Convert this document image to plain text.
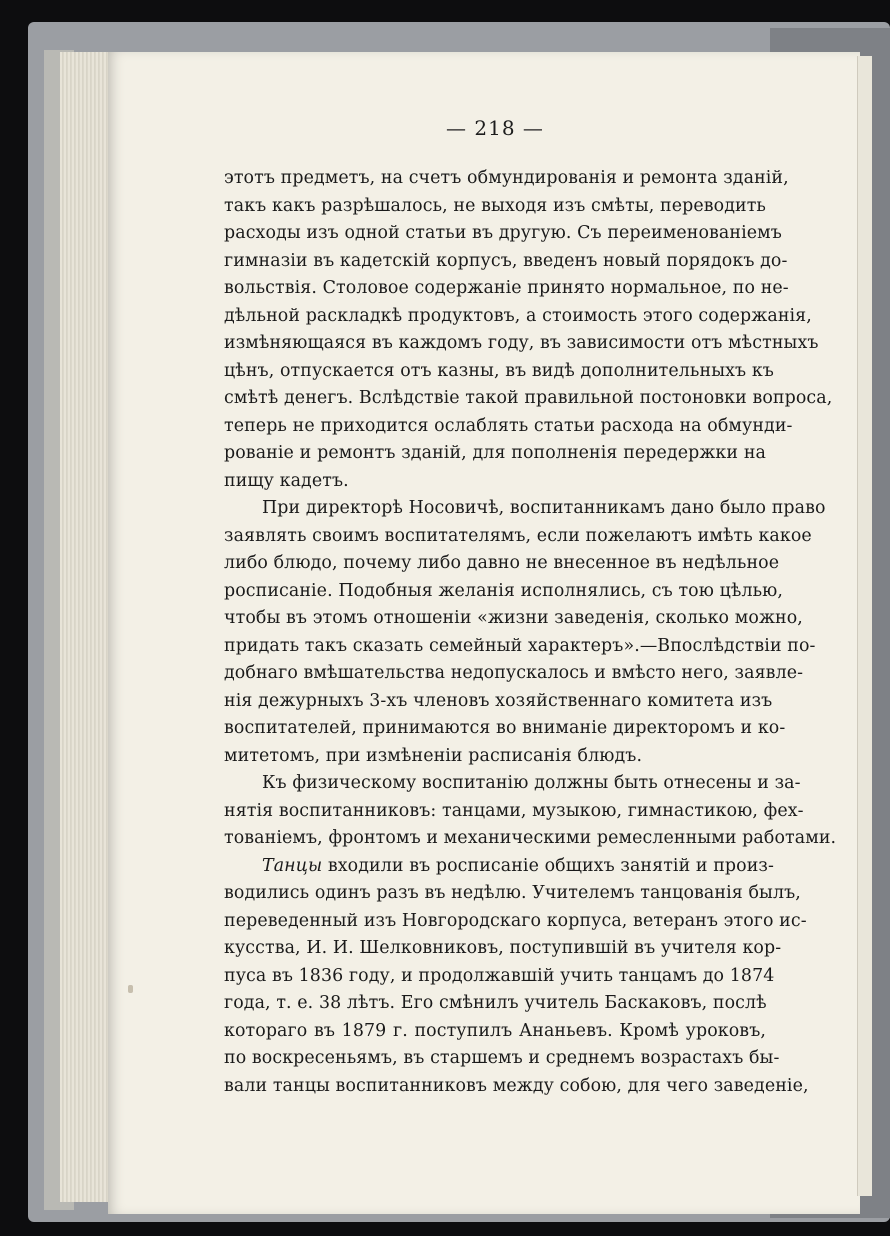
— 218 —
этотъ предметъ, на счетъ обмундированія и ремонта зданій,
такъ какъ разрѣшалось, не выходя изъ смѣты, переводить
расходы изъ одной статьи въ другую. Съ переименованіемъ
гимназіи въ кадетскій корпусъ, введенъ новый порядокъ до-
вольствія. Столовое содержаніе принято нормальное, по не-
дѣльной раскладкѣ продуктовъ, а стоимость этого содержанія,
измѣняющаяся въ каждомъ году, въ зависимости отъ мѣстныхъ
цѣнъ, отпускается отъ казны, въ видѣ дополнительныхъ къ
смѣтѣ денегъ. Вслѣдствіе такой правильной постоновки вопроса,
теперь не приходится ослаблять статьи расхода на обмунди-
рованіе и ремонтъ зданій, для пополненія передержки на
пищу кадетъ.
При директорѣ Носовичѣ, воспитанникамъ дано было право
заявлять своимъ воспитателямъ, если пожелаютъ имѣть какое
либо блюдо, почему либо давно не внесенное въ недѣльное
росписаніе. Подобныя желанія исполнялись, съ тою цѣлью,
чтобы въ этомъ отношеніи «жизни заведенія, сколько можно,
придать такъ сказать семейный характеръ».—Впослѣдствіи по-
добнаго вмѣшательства недопускалось и вмѣсто него, заявле-
нія дежурныхъ 3-хъ членовъ хозяйственнаго комитета изъ
воспитателей, принимаются во вниманіе директоромъ и ко-
митетомъ, при измѣненіи расписанія блюдъ.
Къ физическому воспитанію должны быть отнесены и за-
нятія воспитанниковъ: танцами, музыкою, гимнастикою, фех-
тованіемъ, фронтомъ и механическими ремесленными работами.
Танцы входили въ росписаніе общихъ занятій и произ-
водились одинъ разъ въ недѣлю. Учителемъ танцованія былъ,
переведенный изъ Новгородскаго корпуса, ветеранъ этого ис-
кусства, И. И. Шелковниковъ, поступившій въ учителя кор-
пуса въ 1836 году, и продолжавшій учить танцамъ до 1874
года, т. е. 38 лѣтъ. Его смѣнилъ учитель Баскаковъ, послѣ
котораго въ 1879 г. поступилъ Ананьевъ. Кромѣ уроковъ,
по воскресеньямъ, въ старшемъ и среднемъ возрастахъ бы-
вали танцы воспитанниковъ между собою, для чего заведеніе,
